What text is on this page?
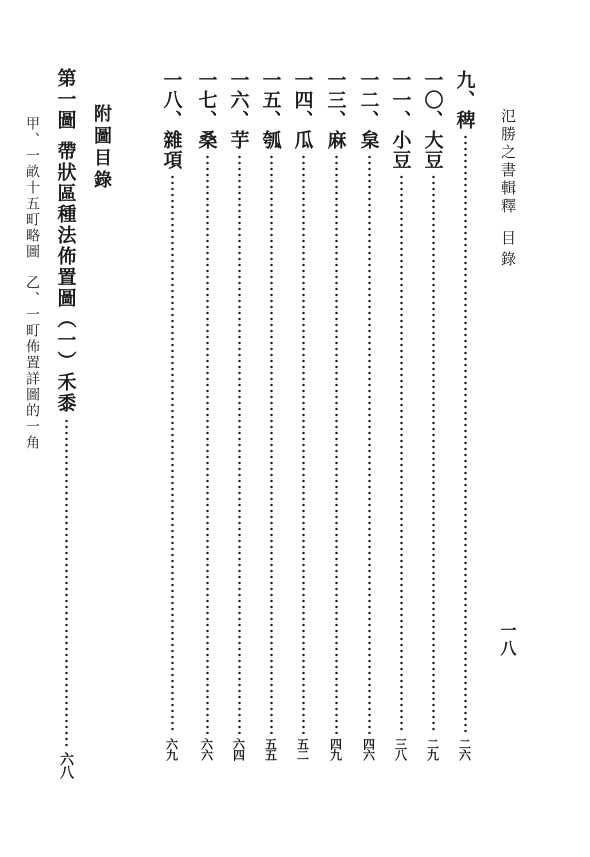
氾勝之書輯釋
目錄
一八
九、稗
二六
一〇、大豆
二九
一一、小豆
三八
一二、枲
四六
一三、麻
四九
一四、瓜
五二
一五、瓠
五五
一六、芋
六四
一七、桑
六六
一八、雜項
六九
附圖目錄
第一圖帶狀區種法佈置圖（一）禾黍
六八
甲、一畝十五町略圖
乙、一町佈置詳圖的一角
